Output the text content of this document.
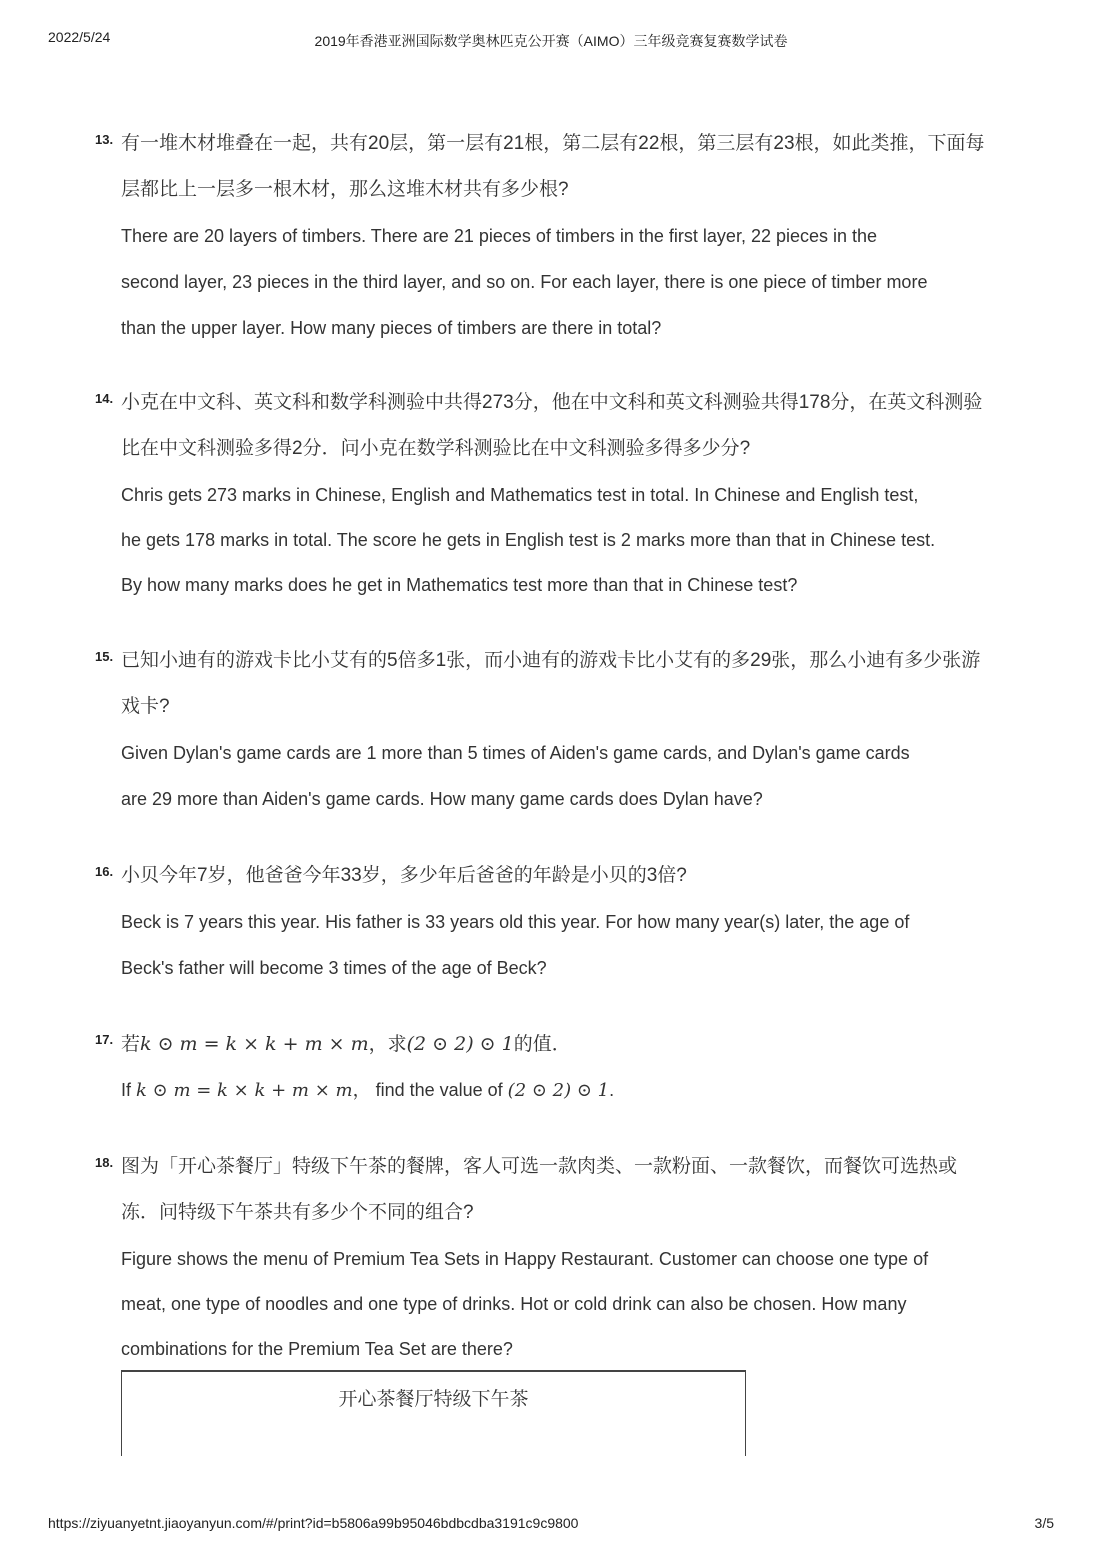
2022/5/24	2019年香港亚洲国际数学奥林匹克公开赛（AIMO）三年级竞赛复赛数学试卷
13. 有一堆木材堆叠在一起，共有20层，第一层有21根，第二层有22根，第三层有23根，如此类推，下面每
层都比上一层多一根木材，那么这堆木材共有多少根?
There are 20 layers of timbers. There are 21 pieces of timbers in the first layer, 22 pieces in the
second layer, 23 pieces in the third layer, and so on. For each layer, there is one piece of timber more
than the upper layer. How many pieces of timbers are there in total?
14. 小克在中文科、英文科和数学科测验中共得273分，他在中文科和英文科测验共得178分，在英文科测验
比在中文科测验多得2分．问小克在数学科测验比在中文科测验多得多少分?
Chris gets 273 marks in Chinese, English and Mathematics test in total. In Chinese and English test,
he gets 178 marks in total. The score he gets in English test is 2 marks more than that in Chinese test.
By how many marks does he get in Mathematics test more than that in Chinese test?
15. 已知小迪有的游戏卡比小艾有的5倍多1张，而小迪有的游戏卡比小艾有的多29张，那么小迪有多少张游
戏卡?
Given Dylan's game cards are 1 more than 5 times of Aiden's game cards, and Dylan's game cards
are 29 more than Aiden's game cards. How many game cards does Dylan have?
16. 小贝今年7岁，他爸爸今年33岁，多少年后爸爸的年龄是小贝的3倍?
Beck is 7 years this year. His father is 33 years old this year. For how many year(s) later, the age of
Beck's father will become 3 times of the age of Beck?
17. 若k ⊙ m = k × k + m × m，求(2 ⊙ 2) ⊙ 1的值．
If k ⊙ m = k × k + m × m， find the value of (2 ⊙ 2) ⊙ 1.
18. 图为「开心茶餐厅」特级下午茶的餐牌，客人可选一款肉类、一款粉面、一款餐饮，而餐饮可选热或
冻．问特级下午茶共有多少个不同的组合?
Figure shows the menu of Premium Tea Sets in Happy Restaurant. Customer can choose one type of
meat, one type of noodles and one type of drinks. Hot or cold drink can also be chosen. How many
combinations for the Premium Tea Set are there?
开心茶餐厅特级下午茶
https://ziyuanyetnt.jiaoyanyun.com/#/print?id=b5806a99b95046bdbcdba3191c9c9800	3/5
